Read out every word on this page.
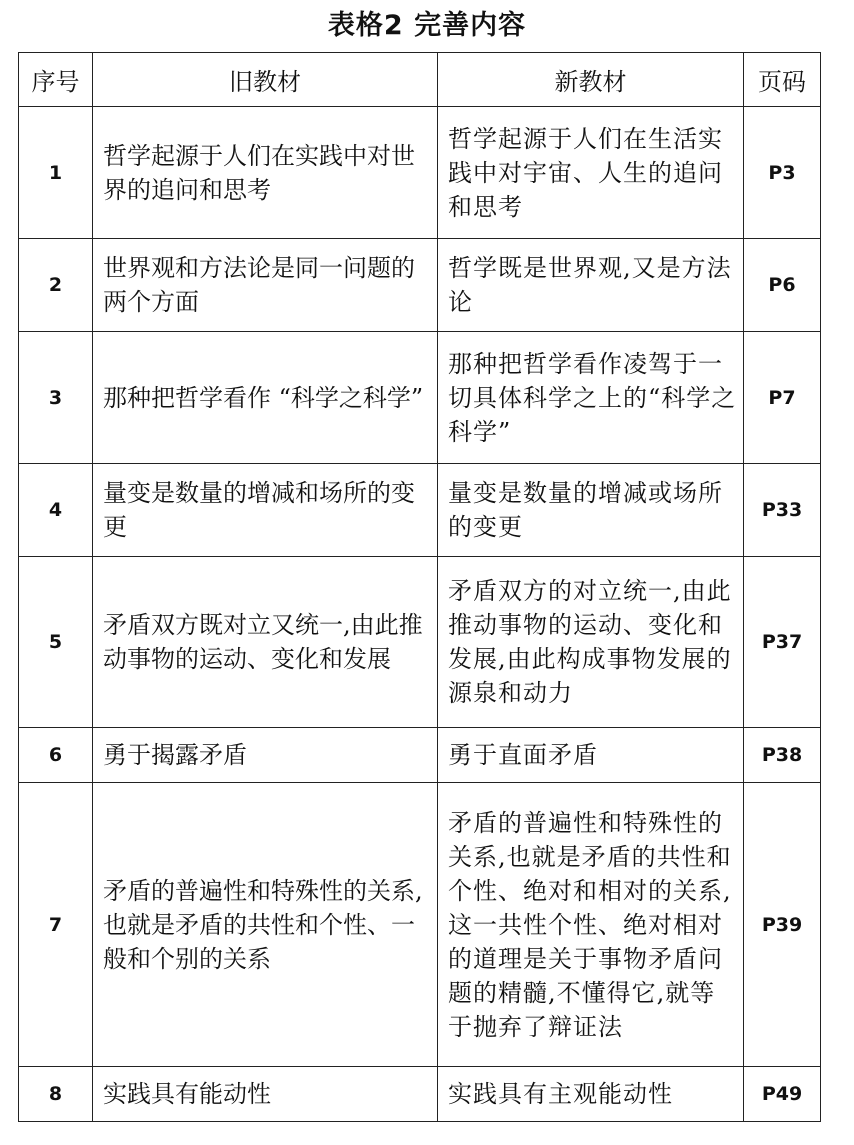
表格2 完善内容
序号	旧教材	新教材	页码
1	哲学起源于人们在实践中对世界的追问和思考	哲学起源于人们在生活实践中对宇宙、人生的追问和思考	P3
2	世界观和方法论是同一问题的两个方面	哲学既是世界观,又是方法论	P6
3	那种把哲学看作 “科学之科学”	那种把哲学看作凌驾于一切具体科学之上的“科学之科学”	P7
4	量变是数量的增减和场所的变更	量变是数量的增减或场所的变更	P33
5	矛盾双方既对立又统一,由此推动事物的运动、变化和发展	矛盾双方的对立统一,由此推动事物的运动、变化和发展,由此构成事物发展的源泉和动力	P37
6	勇于揭露矛盾	勇于直面矛盾	P38
7	矛盾的普遍性和特殊性的关系, 也就是矛盾的共性和个性、一般和个别的关系	矛盾的普遍性和特殊性的关系,也就是矛盾的共性和个性、绝对和相对的关系,这一共性个性、绝对相对的道理是关于事物矛盾问题的精髓,不懂得它,就等于抛弃了辩证法	P39
8	实践具有能动性	实践具有主观能动性	P49
